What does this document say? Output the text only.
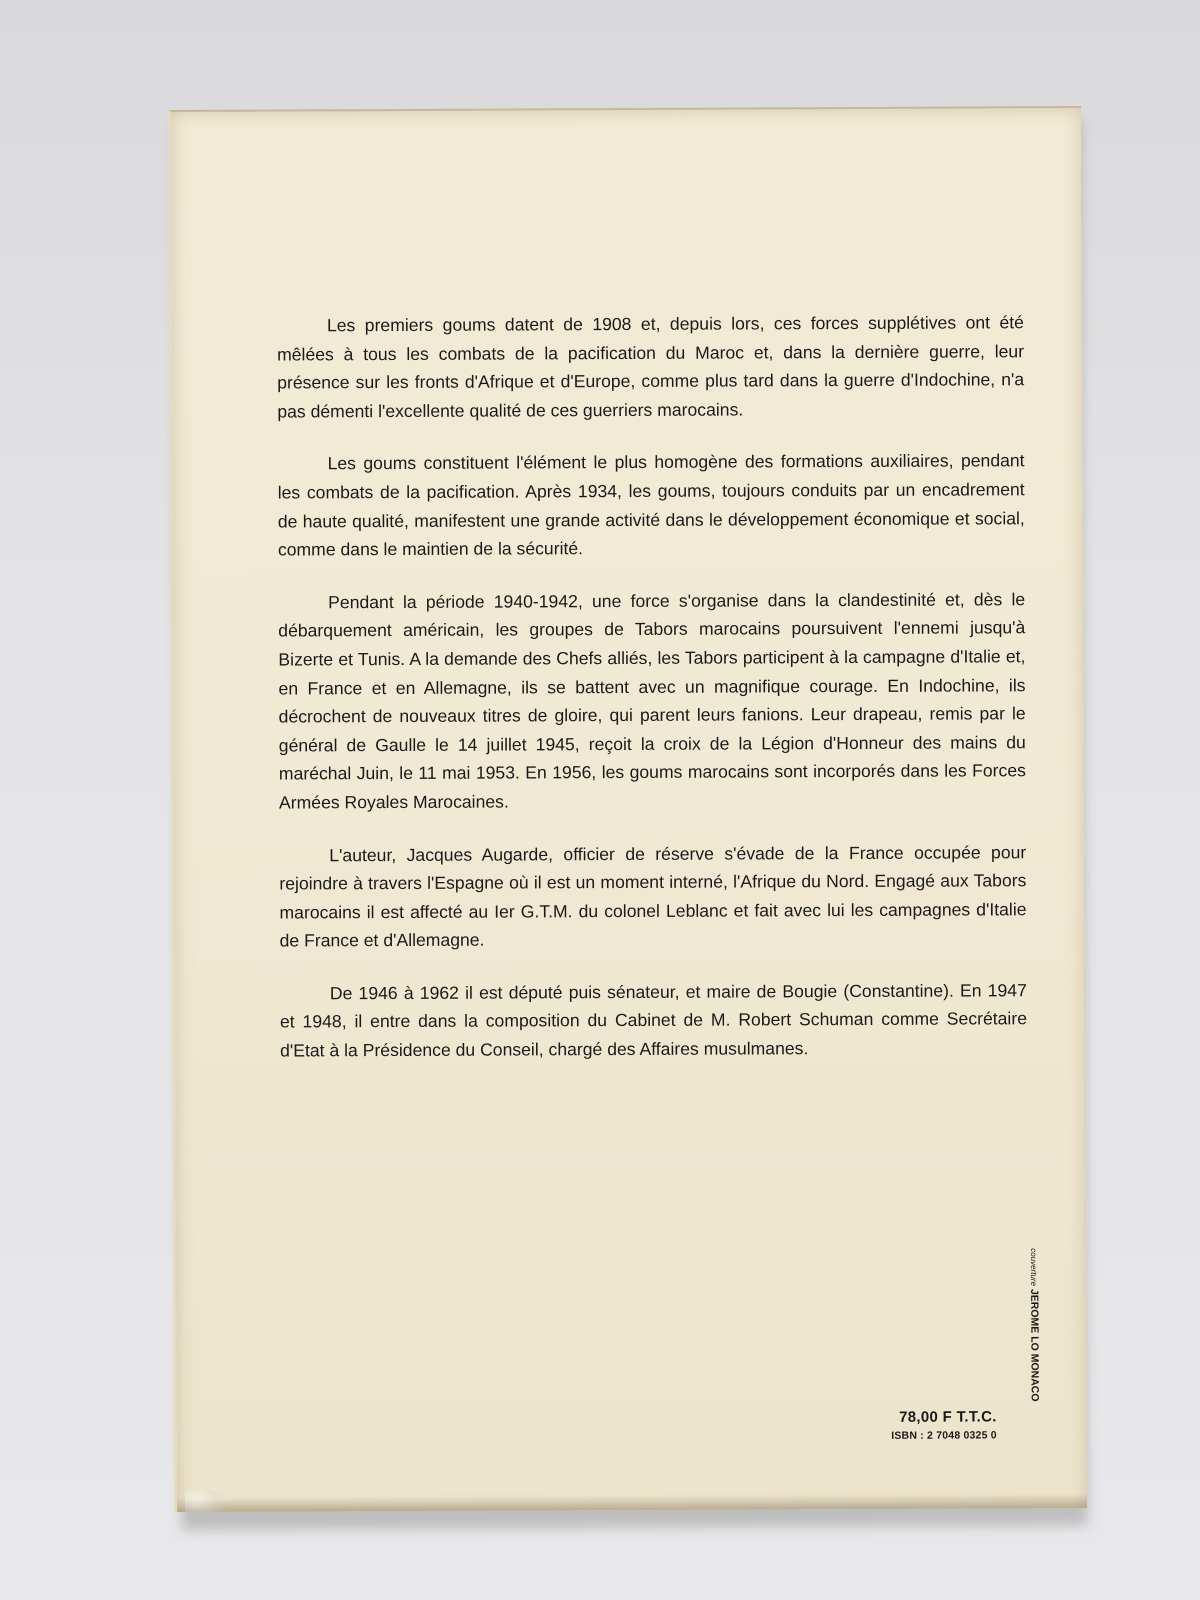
Les premiers goums datent de 1908 et, depuis lors, ces forces supplétives ont été mêlées à tous les combats de la pacification du Maroc et, dans la dernière guerre, leur présence sur les fronts d'Afrique et d'Europe, comme plus tard dans la guerre d'Indochine, n'a pas démenti l'excellente qualité de ces guerriers marocains.

Les goums constituent l'élément le plus homogène des formations auxiliaires, pendant les combats de la pacification. Après 1934, les goums, toujours conduits par un encadrement de haute qualité, manifestent une grande activité dans le développement économique et social, comme dans le maintien de la sécurité.

Pendant la période 1940-1942, une force s'organise dans la clandestinité et, dès le débarquement américain, les groupes de Tabors marocains poursuivent l'ennemi jusqu'à Bizerte et Tunis. A la demande des Chefs alliés, les Tabors participent à la campagne d'Italie et, en France et en Allemagne, ils se battent avec un magnifique courage. En Indochine, ils décrochent de nouveaux titres de gloire, qui parent leurs fanions. Leur drapeau, remis par le général de Gaulle le 14 juillet 1945, reçoit la croix de la Légion d'Honneur des mains du maréchal Juin, le 11 mai 1953. En 1956, les goums marocains sont incorporés dans les Forces Armées Royales Marocaines.

L'auteur, Jacques Augarde, officier de réserve s'évade de la France occupée pour rejoindre à travers l'Espagne où il est un moment interné, l'Afrique du Nord. Engagé aux Tabors marocains il est affecté au Ier G.T.M. du colonel Leblanc et fait avec lui les campagnes d'Italie de France et d'Allemagne.

De 1946 à 1962 il est député puis sénateur, et maire de Bougie (Constantine). En 1947 et 1948, il entre dans la composition du Cabinet de M. Robert Schuman comme Secrétaire d'Etat à la Présidence du Conseil, chargé des Affaires musulmanes.

78,00 F T.T.C.
ISBN : 2 7048 0325 0
couverture JEROME LO MONACO
